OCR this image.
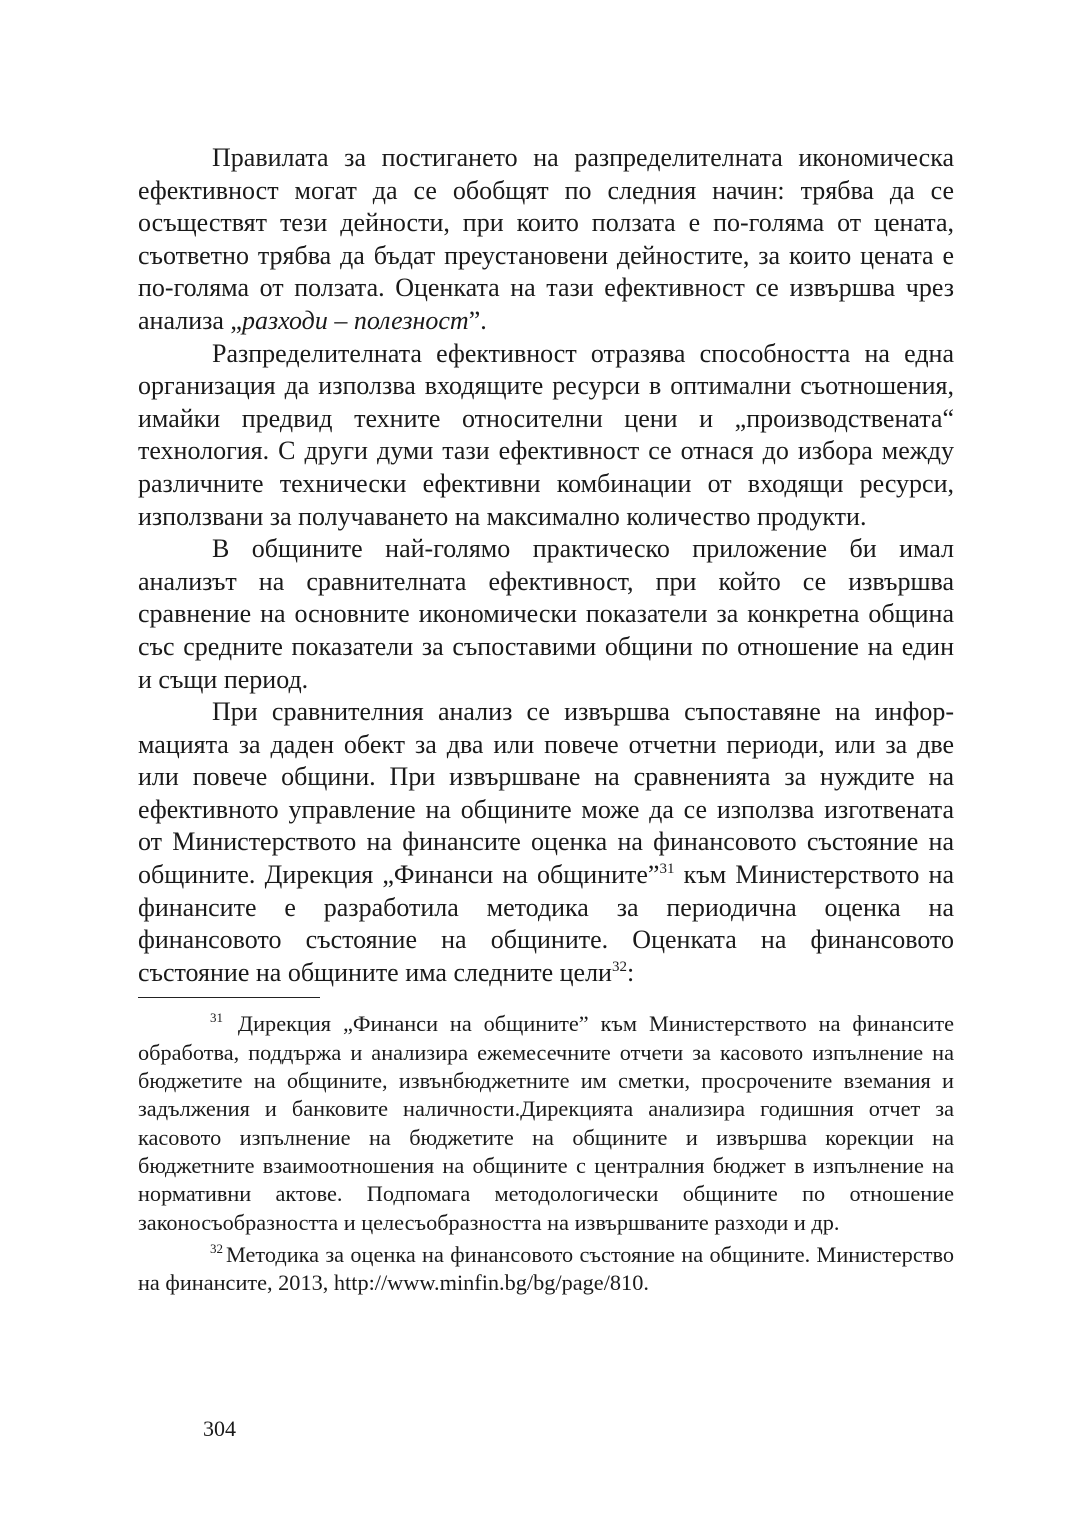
Правилата за постигането на разпределителната икономическа ефективност могат да се обобщят по следния начин: трябва да се осъществят тези дейности, при които ползата е по-голяма от цената, съответно трябва да бъдат преустановени дейностите, за които цената е по-голяма от ползата. Оценката на тази ефективност се извършва чрез анализа „разходи – полезност”.

Разпределителната ефективност отразява способността на една организация да използва входящите ресурси в оптимални съотношения, имайки предвид техните относителни цени и „производствената“ технология. С други думи тази ефективност се отнася до избора между различните технически ефективни комбинации от входящи ресурси, използвани за получаването на максимално количество продукти.

В общините най-голямо практическо приложение би имал анализът на сравнителната ефективност, при който се извършва сравнение на основните икономически показатели за конкретна община със средните показатели за съпоставими общини по отношение на един и същи период.

При сравнителния анализ се извършва съпоставяне на информацията за даден обект за два или повече отчетни периоди, или за две или повече общини. При извършване на сравненията за нуждите на ефективното управление на общините може да се използва изготвената от Министерството на финансите оценка на финансовото състояние на общините. Дирекция „Финанси на общините”$^{31}$ към Министерството на финансите е разработила методика за периодична оценка на финансовото състояние на общините. Оценката на финансовото състояние на общините има следните цели$^{32}$:

$^{31}$ Дирекция „Финанси на общините” към Министерството на финансите обработва, поддържа и анализира ежемесечните отчети за касовото изпълнение на бюджетите на общините, извънбюджетните им сметки, просрочените вземания и задължения и банковите наличности.Дирекцията анализира годишния отчет за касовото изпълнение на бюджетите на общините и извършва корекции на бюджетните взаимоотношения на общините с централния бюджет в изпълнение на нормативни актове. Подпомага методологически общините по отношение законосъобразността и целесъобразността на извършваните разходи и др.

$^{32}$ Методика за оценка на финансовото състояние на общините. Министерство на финансите, 2013, http://www.minfin.bg/bg/page/810.

304
